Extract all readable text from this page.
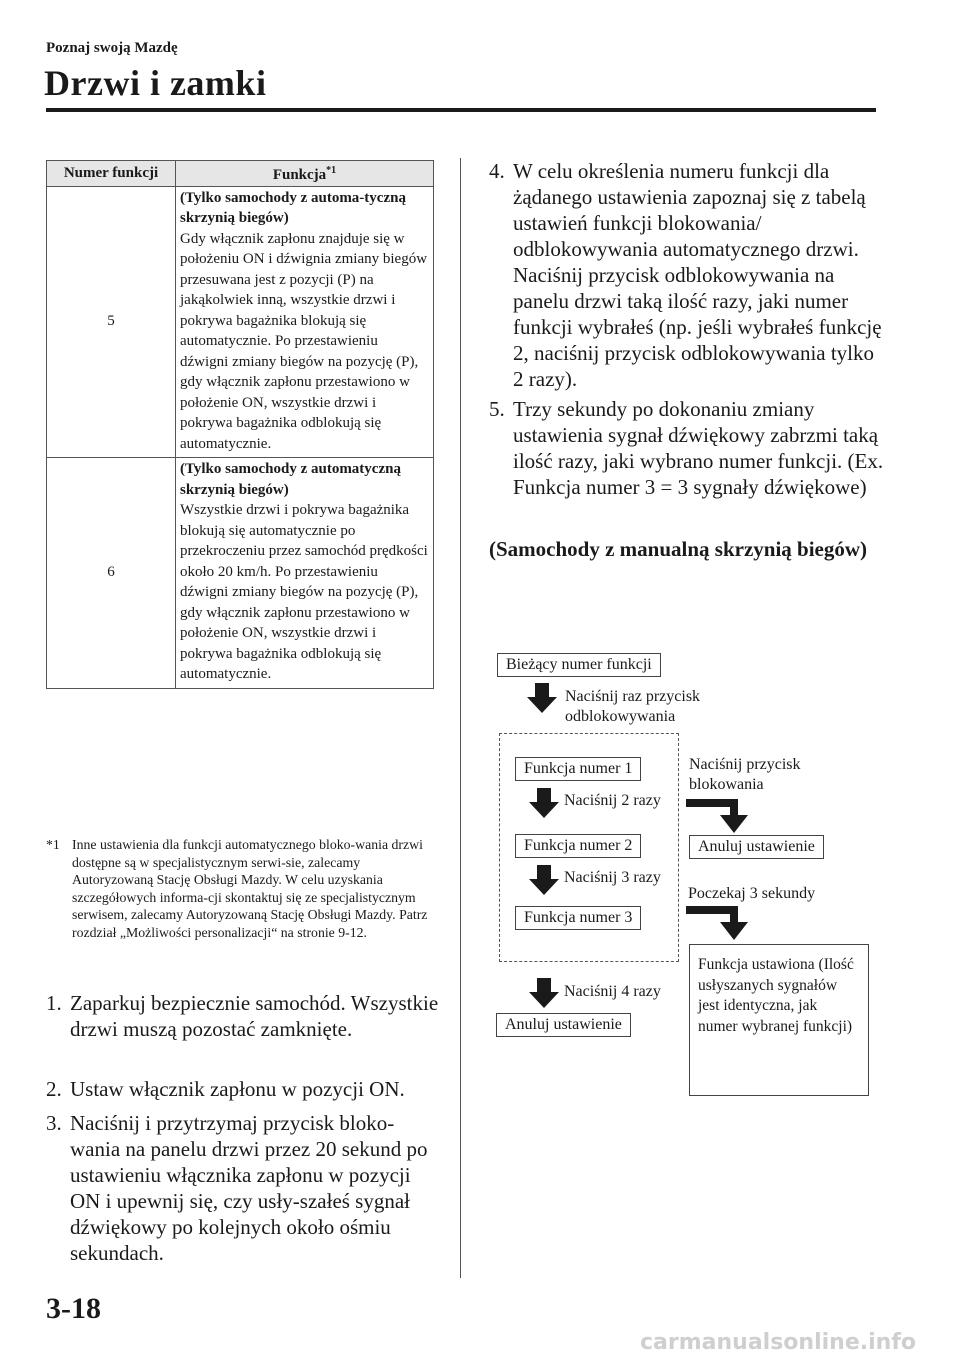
Poznaj swoją Mazdę
Drzwi i zamki
Numer funkcji	Funkcja$^{*1}$
5	(Tylko samochody z automa-tyczną skrzynią biegów)
Gdy włącznik zapłonu znajduje się w położeniu ON i dźwignia zmiany biegów przesuwana jest z pozycji (P) na jakąkolwiek inną, wszystkie drzwi i pokrywa bagażnika blokują się automatycznie. Po przestawieniu dźwigni zmiany biegów na pozycję (P), gdy włącznik zapłonu przestawiono w położenie ON, wszystkie drzwi i pokrywa bagażnika odblokują się automatycznie.

6	(Tylko samochody z automatyczną skrzynią biegów)
Wszystkie drzwi i pokrywa bagażnika blokują się automatycznie po przekroczeniu przez samochód prędkości około 20 km/h. Po przestawieniu dźwigni zmiany biegów na pozycję (P), gdy włącznik zapłonu przestawiono w położenie ON, wszystkie drzwi i pokrywa bagażnika odblokują się automatycznie.
*1 Inne ustawienia dla funkcji automatycznego bloko-wania drzwi dostępne są w specjalistycznym serwi-sie, zalecamy Autoryzowaną Stację Obsługi Mazdy. W celu uzyskania szczegółowych informa-cji skontaktuj się ze specjalistycznym serwisem, zalecamy Autoryzowaną Stację Obsługi Mazdy. Patrz rozdział „Możliwości personalizacji“ na stronie 9-12.
1. Zaparkuj bezpiecznie samochód. Wszystkie drzwi muszą pozostać zamknięte.
2. Ustaw włącznik zapłonu w pozycji ON.
3. Naciśnij i przytrzymaj przycisk bloko-wania na panelu drzwi przez 20 sekund po ustawieniu włącznika zapłonu w pozycji ON i upewnij się, czy usły-szałeś sygnał dźwiękowy po kolejnych około ośmiu sekundach.
4. W celu określenia numeru funkcji dla żądanego ustawienia zapoznaj się z tabelą ustawień funkcji blokowania/ odblokowywania automatycznego drzwi. Naciśnij przycisk odblokowywania na panelu drzwi taką ilość razy, jaki numer funkcji wybrałeś (np. jeśli wybrałeś funkcję 2, naciśnij przycisk odblokowywania tylko 2 razy).
5. Trzy sekundy po dokonaniu zmiany ustawienia sygnał dźwiękowy zabrzmi taką ilość razy, jaki wybrano numer funkcji. (Ex. Funkcja numer 3 = 3 sygnały dźwiękowe)
(Samochody z manualną skrzynią biegów)
Bieżący numer funkcji
Naciśnij raz przycisk odblokowywania
Funkcja numer 1
Naciśnij 2 razy
Funkcja numer 2
Naciśnij 3 razy
Funkcja numer 3
Naciśnij 4 razy
Anuluj ustawienie
Naciśnij przycisk blokowania
Anuluj ustawienie
Poczekaj 3 sekundy
Funkcja ustawiona (Ilość usłyszanych sygnałów jest identyczna, jak numer wybranej funkcji)
3-18
carmanualsonline.info
